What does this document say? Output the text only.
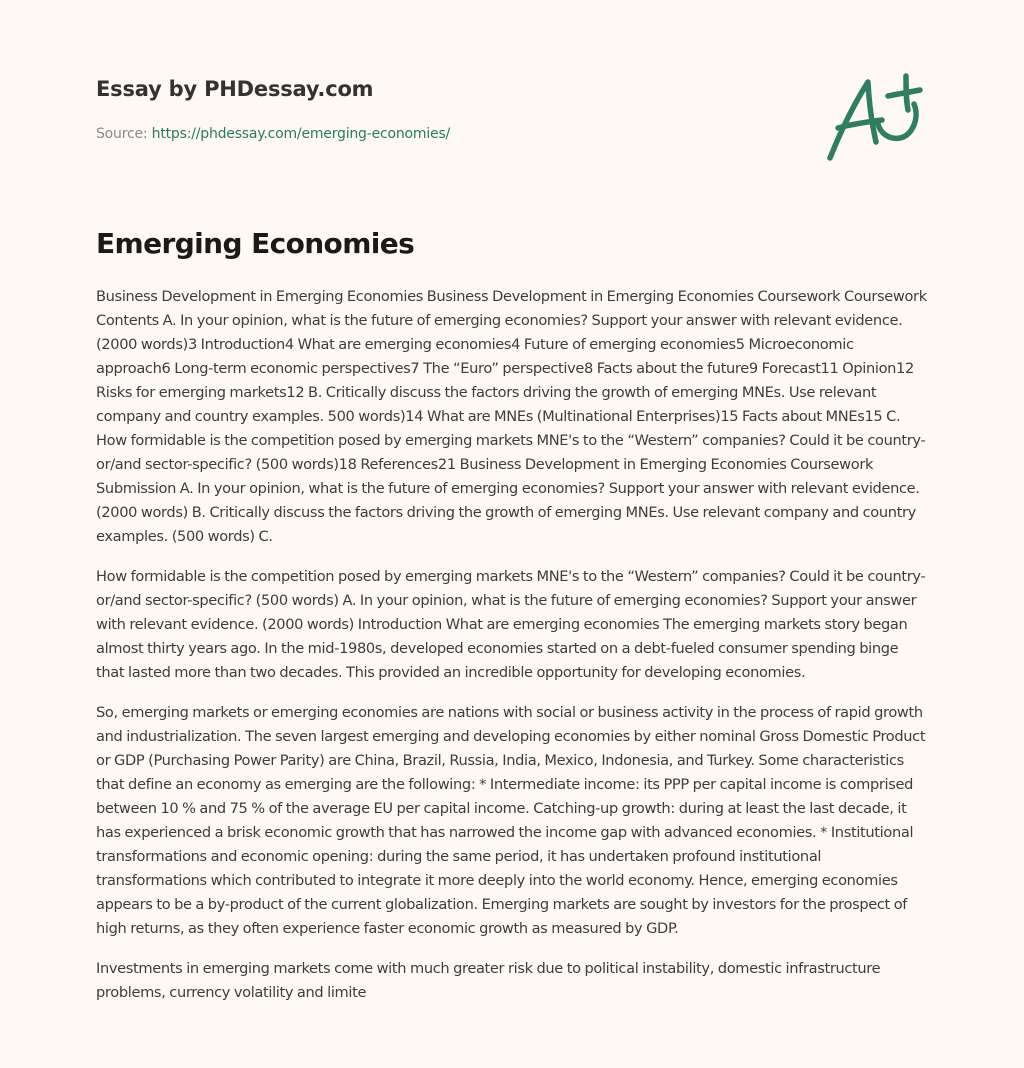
Essay by PHDessay.com
Source: https://phdessay.com/emerging-economies/
Emerging Economies

Business Development in Emerging Economies Business Development in Emerging Economies Coursework Coursework Contents A. In your opinion, what is the future of emerging economies? Support your answer with relevant evidence. (2000 words)3 Introduction4 What are emerging economies4 Future of emerging economies5 Microeconomic approach6 Long-term economic perspectives7 The “Euro” perspective8 Facts about the future9 Forecast11 Opinion12 Risks for emerging markets12 B. Critically discuss the factors driving the growth of emerging MNEs. Use relevant company and country examples. 500 words)14 What are MNEs (Multinational Enterprises)15 Facts about MNEs15 C. How formidable is the competition posed by emerging markets MNE's to the “Western” companies? Could it be country- or/and sector-specific? (500 words)18 References21 Business Development in Emerging Economies Coursework Submission A. In your opinion, what is the future of emerging economies? Support your answer with relevant evidence. (2000 words) B. Critically discuss the factors driving the growth of emerging MNEs. Use relevant company and country examples. (500 words) C.

How formidable is the competition posed by emerging markets MNE's to the “Western” companies? Could it be country- or/and sector-specific? (500 words) A. In your opinion, what is the future of emerging economies? Support your answer with relevant evidence. (2000 words) Introduction What are emerging economies The emerging markets story began almost thirty years ago. In the mid-1980s, developed economies started on a debt-fueled consumer spending binge that lasted more than two decades. This provided an incredible opportunity for developing economies.

So, emerging markets or emerging economies are nations with social or business activity in the process of rapid growth and industrialization. The seven largest emerging and developing economies by either nominal Gross Domestic Product or GDP (Purchasing Power Parity) are China, Brazil, Russia, India, Mexico, Indonesia, and Turkey. Some characteristics that define an economy as emerging are the following: * Intermediate income: its PPP per capital income is comprised between 10 % and 75 % of the average EU per capital income. Catching-up growth: during at least the last decade, it has experienced a brisk economic growth that has narrowed the income gap with advanced economies. * Institutional transformations and economic opening: during the same period, it has undertaken profound institutional transformations which contributed to integrate it more deeply into the world economy. Hence, emerging economies appears to be a by-product of the current globalization. Emerging markets are sought by investors for the prospect of high returns, as they often experience faster economic growth as measured by GDP.

Investments in emerging markets come with much greater risk due to political instability, domestic infrastructure problems, currency volatility and limite
